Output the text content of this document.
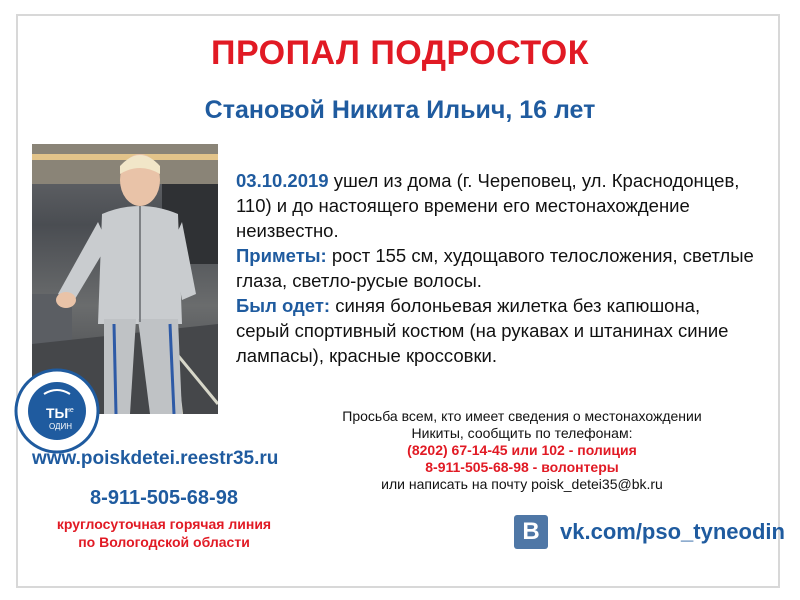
ПРОПАЛ ПОДРОСТОК
Становой Никита Ильич, 16 лет
03.10.2019 ушел из дома (г. Череповец, ул. Краснодонцев, 110) и до настоящего времени его местонахождение неизвестно.
Приметы: рост 155 см, худощавого телосложения, светлые глаза, светло-русые волосы.
Был одет: синяя болоньевая жилетка без капюшона, серый спортивный костюм (на рукавах и штанинах синие лампасы), красные кроссовки.
ТЫ
не
ОДИН
www.poiskdetei.reestr35.ru
8-911-505-68-98
круглосуточная горячая линия
по Вологодской области
Просьба всем, кто имеет сведения о местонахождении
Никиты, сообщить по телефонам:
(8202) 67-14-45 или 102 - полиция
8-911-505-68-98 - волонтеры
или написать на почту poisk_detei35@bk.ru
В vk.com/pso_tyneodin
